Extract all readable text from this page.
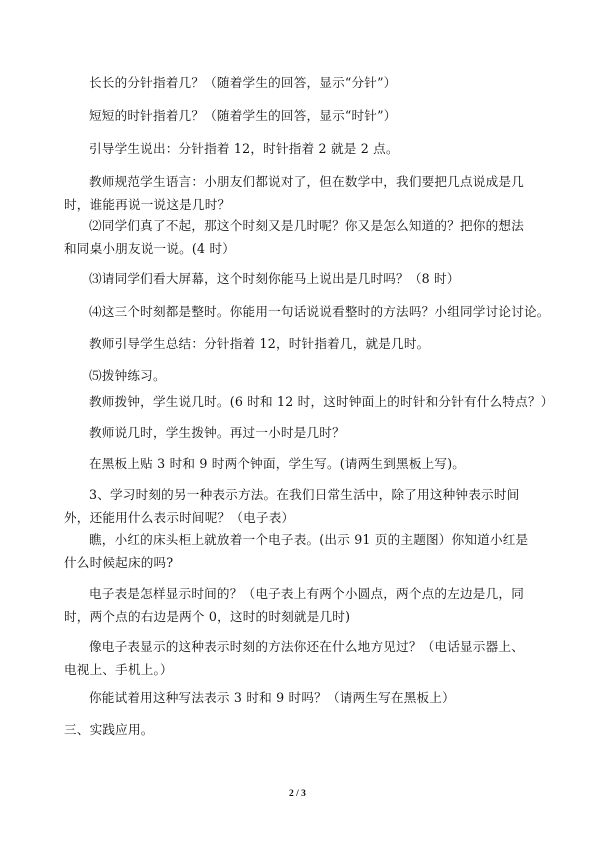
长长的分针指着几？（随着学生的回答，显示“分针”）

短短的时针指着几？（随着学生的回答，显示“时针”）

引导学生说出：分针指着 12，时针指着 2 就是 2 点。

教师规范学生语言：小朋友们都说对了，但在数学中，我们要把几点说成是几时，谁能再说一说这是几时？

⑵同学们真了不起，那这个时刻又是几时呢？你又是怎么知道的？把你的想法和同桌小朋友说一说。(4 时）

⑶请同学们看大屏幕，这个时刻你能马上说出是几时吗？（8 时）

⑷这三个时刻都是整时。你能用一句话说说看整时的方法吗？小组同学讨论讨论。

教师引导学生总结：分针指着 12，时针指着几，就是几时。

⑸拨钟练习。

教师拨钟，学生说几时。(6 时和 12 时，这时钟面上的时针和分针有什么特点？）

教师说几时，学生拨钟。再过一小时是几时？

在黑板上贴 3 时和 9 时两个钟面，学生写。(请两生到黑板上写)。

3、学习时刻的另一种表示方法。在我们日常生活中，除了用这种钟表示时间外，还能用什么表示时间呢？（电子表）

瞧，小红的床头柜上就放着一个电子表。(出示 91 页的主题图）你知道小红是什么时候起床的吗?

电子表是怎样显示时间的？（电子表上有两个小圆点，两个点的左边是几，同时，两个点的右边是两个 0，这时的时刻就是几时)

像电子表显示的这种表示时刻的方法你还在什么地方见过？（电话显示器上、电视上、手机上。）

你能试着用这种写法表示 3 时和 9 时吗？（请两生写在黑板上）

三、实践应用。

2 / 3
